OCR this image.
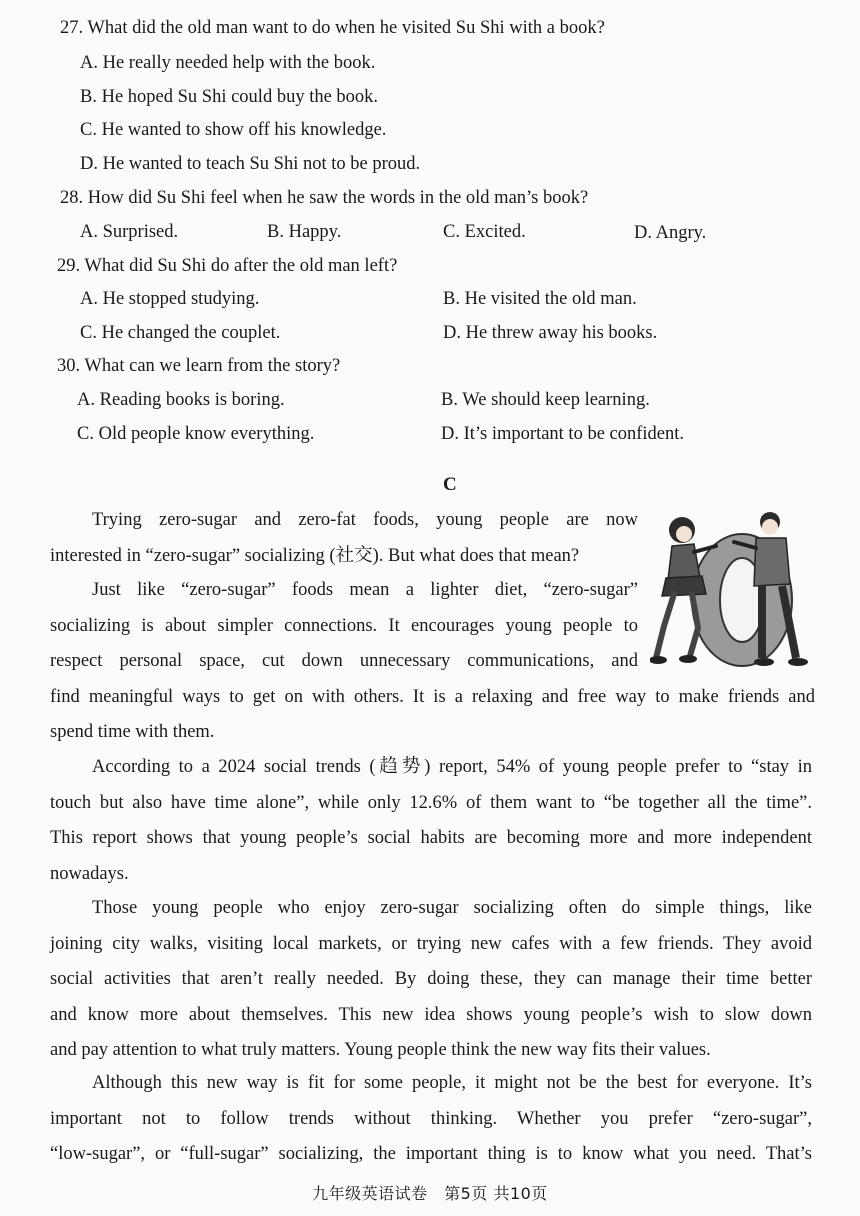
27. What did the old man want to do when he visited Su Shi with a book?
A. He really needed help with the book.
B. He hoped Su Shi could buy the book.
C. He wanted to show off his knowledge.
D. He wanted to teach Su Shi not to be proud.
28. How did Su Shi feel when he saw the words in the old man’s book?
A. Surprised.	B. Happy.	C. Excited.	D. Angry.
29. What did Su Shi do after the old man left?
A. He stopped studying.	B. He visited the old man.
C. He changed the couplet.	D. He threw away his books.
30. What can we learn from the story?
A. Reading books is boring.	B. We should keep learning.
C. Old people know everything.	D. It’s important to be confident.
C
Trying zero-sugar and zero-fat foods, young people are now
interested in “zero-sugar” socializing (社交). But what does that mean?
Just like “zero-sugar” foods mean a lighter diet, “zero-sugar”
socializing is about simpler connections. It encourages young people to
respect personal space, cut down unnecessary communications, and
find meaningful ways to get on with others. It is a relaxing and free way to make friends and
spend time with them.
According to a 2024 social trends (趋势) report, 54% of young people prefer to “stay in
touch but also have time alone”, while only 12.6% of them want to “be together all the time”.
This report shows that young people’s social habits are becoming more and more independent
nowadays.
Those young people who enjoy zero-sugar socializing often do simple things, like
joining city walks, visiting local markets, or trying new cafes with a few friends. They avoid
social activities that aren’t really needed. By doing these, they can manage their time better
and know more about themselves. This new idea shows young people’s wish to slow down
and pay attention to what truly matters. Young people think the new way fits their values.
Although this new way is fit for some people, it might not be the best for everyone. It’s
important not to follow trends without thinking. Whether you prefer “zero-sugar”,
“low-sugar”, or “full-sugar” socializing, the important thing is to know what you need. That’s
0
九年级英语试卷　第5页 共10页
